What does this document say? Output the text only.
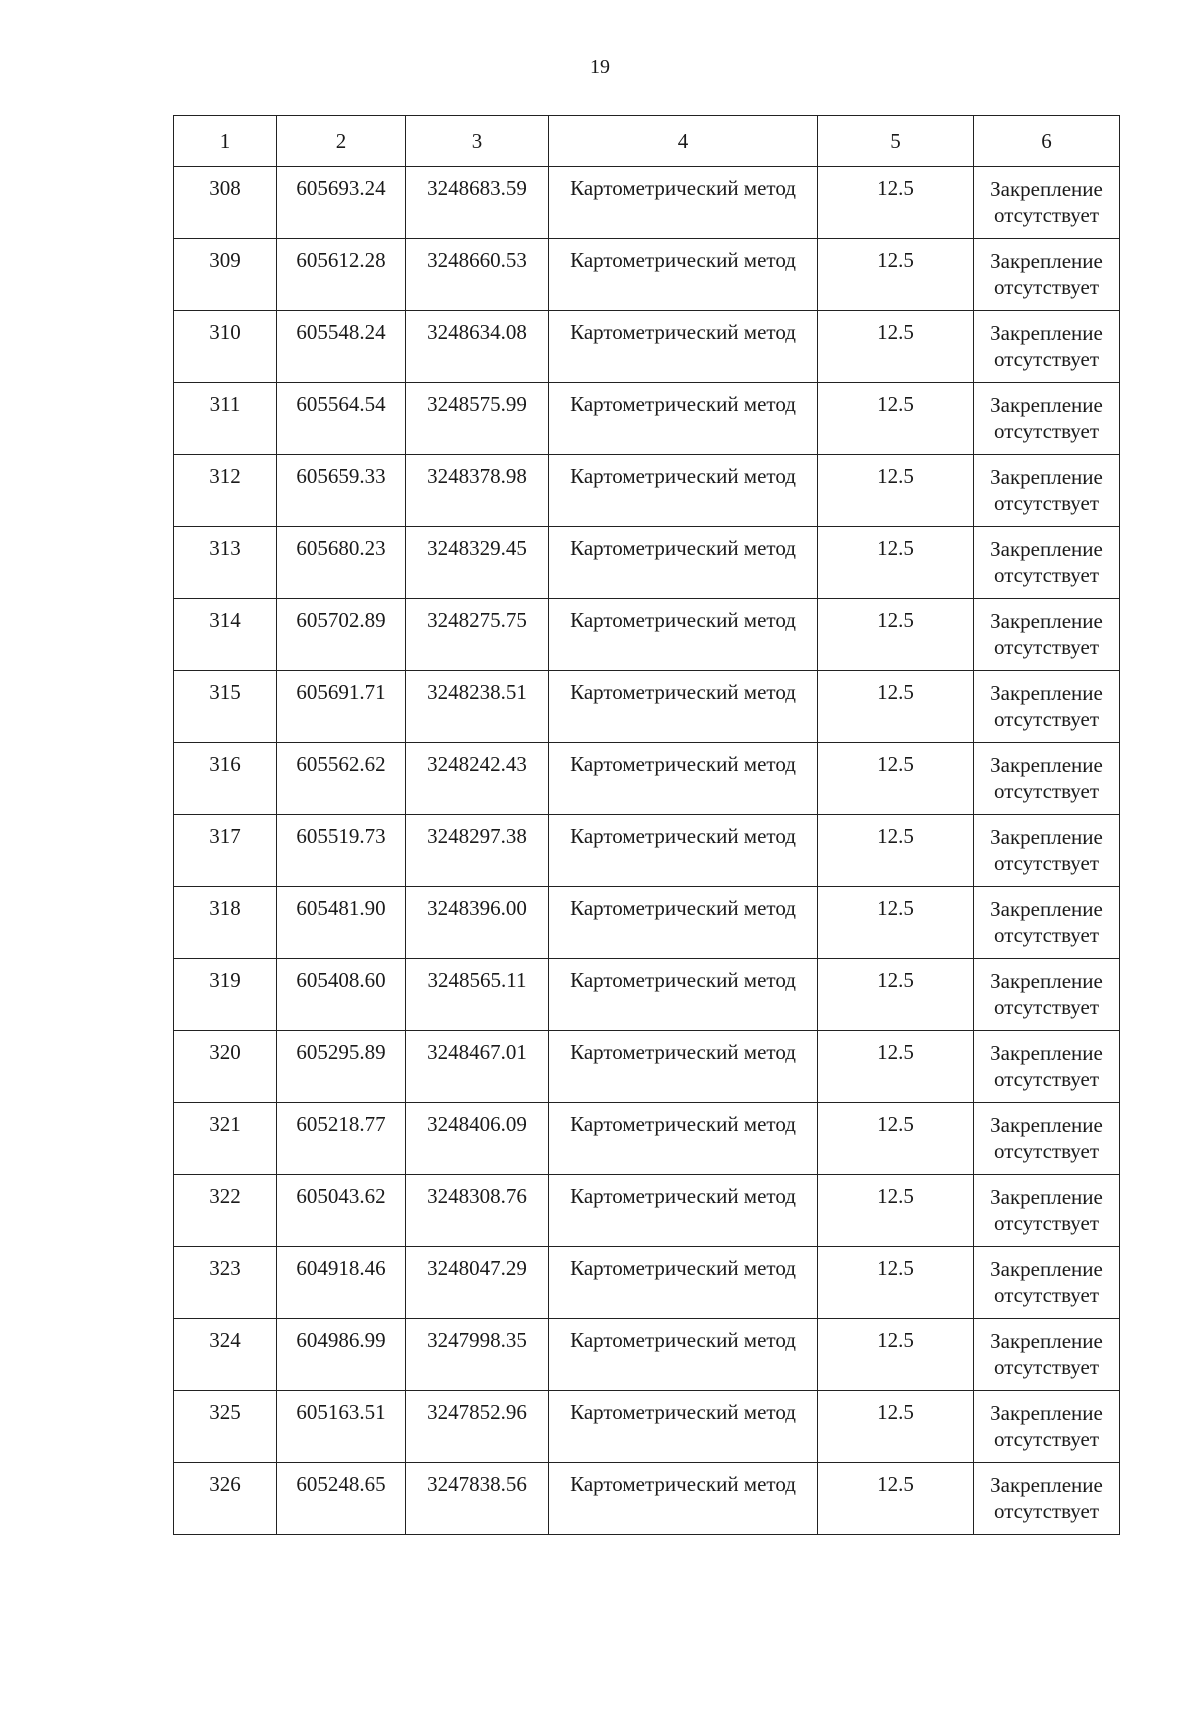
19
1	2	3	4	5	6
308	605693.24	3248683.59	Картометрический метод	12.5	Закрепление
отсутствует

309	605612.28	3248660.53	Картометрический метод	12.5	Закрепление
отсутствует

310	605548.24	3248634.08	Картометрический метод	12.5	Закрепление
отсутствует

311	605564.54	3248575.99	Картометрический метод	12.5	Закрепление
отсутствует

312	605659.33	3248378.98	Картометрический метод	12.5	Закрепление
отсутствует

313	605680.23	3248329.45	Картометрический метод	12.5	Закрепление
отсутствует

314	605702.89	3248275.75	Картометрический метод	12.5	Закрепление
отсутствует

315	605691.71	3248238.51	Картометрический метод	12.5	Закрепление
отсутствует

316	605562.62	3248242.43	Картометрический метод	12.5	Закрепление
отсутствует

317	605519.73	3248297.38	Картометрический метод	12.5	Закрепление
отсутствует

318	605481.90	3248396.00	Картометрический метод	12.5	Закрепление
отсутствует

319	605408.60	3248565.11	Картометрический метод	12.5	Закрепление
отсутствует

320	605295.89	3248467.01	Картометрический метод	12.5	Закрепление
отсутствует

321	605218.77	3248406.09	Картометрический метод	12.5	Закрепление
отсутствует

322	605043.62	3248308.76	Картометрический метод	12.5	Закрепление
отсутствует

323	604918.46	3248047.29	Картометрический метод	12.5	Закрепление
отсутствует

324	604986.99	3247998.35	Картометрический метод	12.5	Закрепление
отсутствует

325	605163.51	3247852.96	Картометрический метод	12.5	Закрепление
отсутствует

326	605248.65	3247838.56	Картометрический метод	12.5	Закрепление
отсутствует
